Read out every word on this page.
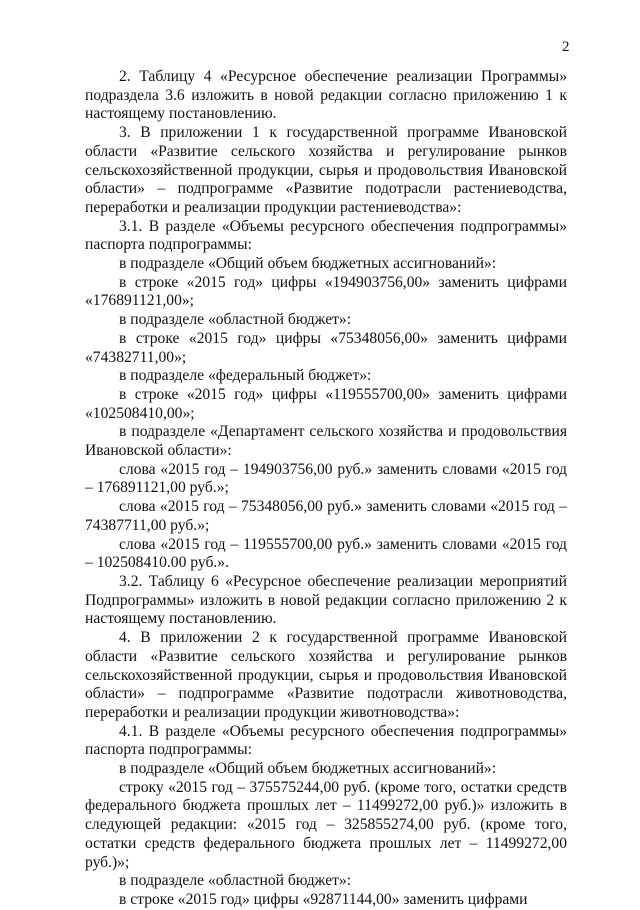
2

2. Таблицу 4 «Ресурсное обеспечение реализации Программы» подраздела 3.6 изложить в новой редакции согласно приложению 1 к настоящему постановлению.

3. В приложении 1 к государственной программе Ивановской области «Развитие сельского хозяйства и регулирование рынков сельскохозяйственной продукции, сырья и продовольствия Ивановской области» – подпрограмме «Развитие подотрасли растениеводства, переработки и реализации продукции растениеводства»:

3.1. В разделе «Объемы ресурсного обеспечения подпрограммы» паспорта подпрограммы:

в подразделе «Общий объем бюджетных ассигнований»:

в строке «2015 год» цифры «194903756,00» заменить цифрами «176891121,00»;

в подразделе «областной бюджет»:

в строке «2015 год» цифры «75348056,00» заменить цифрами «74382711,00»;

в подразделе «федеральный бюджет»:

в строке «2015 год» цифры «119555700,00» заменить цифрами «102508410,00»;

в подразделе «Департамент сельского хозяйства и продовольствия Ивановской области»:

слова «2015 год – 194903756,00 руб.» заменить словами «2015 год – 176891121,00 руб.»;

слова «2015 год – 75348056,00 руб.» заменить словами «2015 год – 74387711,00 руб.»;

слова «2015 год – 119555700,00 руб.» заменить словами «2015 год – 102508410.00 руб.».

3.2. Таблицу 6 «Ресурсное обеспечение реализации мероприятий Подпрограммы» изложить в новой редакции согласно приложению 2 к настоящему постановлению.

4. В приложении 2 к государственной программе Ивановской области «Развитие сельского хозяйства и регулирование рынков сельскохозяйственной продукции, сырья и продовольствия Ивановской области» – подпрограмме «Развитие подотрасли животноводства, переработки и реализации продукции животноводства»:

4.1. В разделе «Объемы ресурсного обеспечения подпрограммы» паспорта подпрограммы:

в подразделе «Общий объем бюджетных ассигнований»:

строку «2015 год – 375575244,00 руб. (кроме того, остатки средств федерального бюджета прошлых лет – 11499272,00 руб.)» изложить в следующей редакции: «2015 год – 325855274,00 руб. (кроме того, остатки средств федерального бюджета прошлых лет – 11499272,00 руб.)»;

в подразделе «областной бюджет»:

в строке «2015 год» цифры «92871144,00» заменить цифрами
